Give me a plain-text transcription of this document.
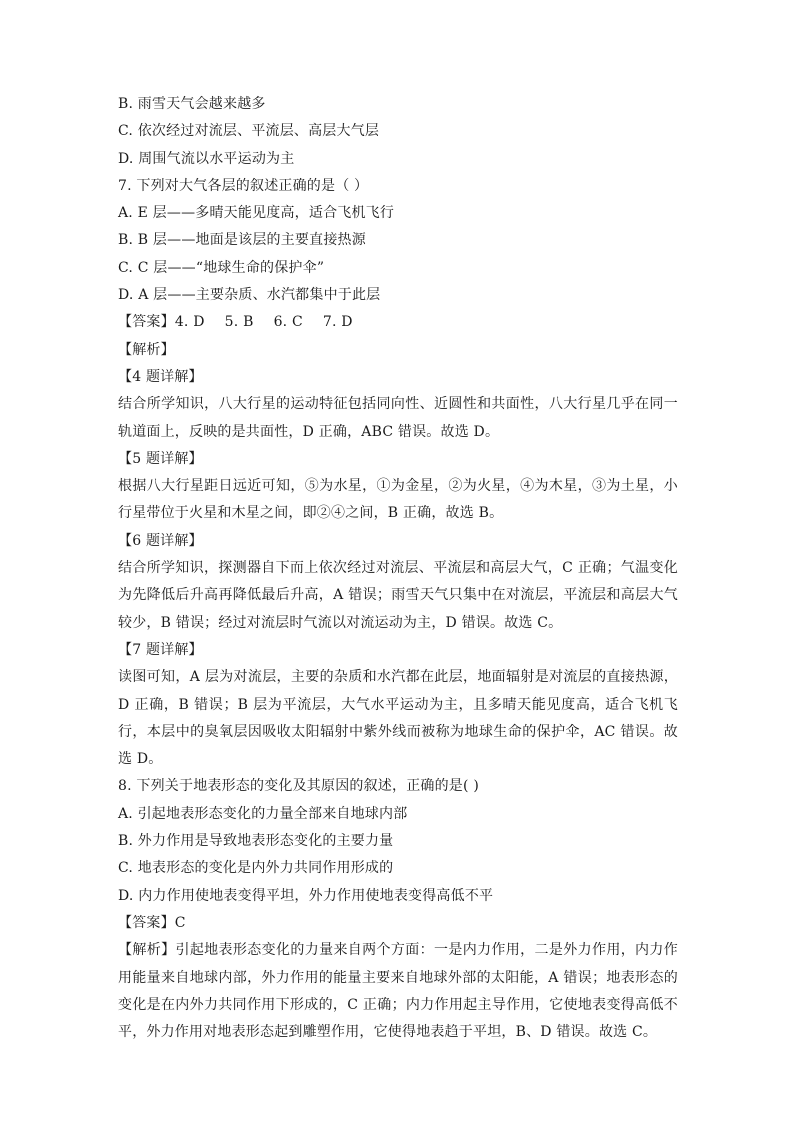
B. 雨雪天气会越来越多
C. 依次经过对流层、平流层、高层大气层
D. 周围气流以水平运动为主
7. 下列对大气各层的叙述正确的是（ ）
A. E 层——多晴天能见度高，适合飞机飞行
B. B 层——地面是该层的主要直接热源
C. C 层——“地球生命的保护伞”
D. A 层——主要杂质、水汽都集中于此层
【答案】4. D 5. B 6. C 7. D
【解析】
【4 题详解】
结合所学知识，八大行星的运动特征包括同向性、近圆性和共面性，八大行星几乎在同一轨道面上，反映的是共面性，D 正确，ABC 错误。故选 D。
【5 题详解】
根据八大行星距日远近可知，⑤为水星，①为金星，②为火星，④为木星，③为土星，小行星带位于火星和木星之间，即②④之间，B 正确，故选 B。
【6 题详解】
结合所学知识，探测器自下而上依次经过对流层、平流层和高层大气，C 正确；气温变化为先降低后升高再降低最后升高，A 错误；雨雪天气只集中在对流层，平流层和高层大气较少，B 错误；经过对流层时气流以对流运动为主，D 错误。故选 C。
【7 题详解】
读图可知，A 层为对流层，主要的杂质和水汽都在此层，地面辐射是对流层的直接热源，D 正确，B 错误；B 层为平流层，大气水平运动为主，且多晴天能见度高，适合飞机飞行，本层中的臭氧层因吸收太阳辐射中紫外线而被称为地球生命的保护伞，AC 错误。故选 D。
8. 下列关于地表形态的变化及其原因的叙述，正确的是( )
A. 引起地表形态变化的力量全部来自地球内部
B. 外力作用是导致地表形态变化的主要力量
C. 地表形态的变化是内外力共同作用形成的
D. 内力作用使地表变得平坦，外力作用使地表变得高低不平
【答案】C
【解析】引起地表形态变化的力量来自两个方面：一是内力作用，二是外力作用，内力作用能量来自地球内部，外力作用的能量主要来自地球外部的太阳能，A 错误；地表形态的变化是在内外力共同作用下形成的，C 正确；内力作用起主导作用，它使地表变得高低不平，外力作用对地表形态起到雕塑作用，它使得地表趋于平坦，B、D 错误。故选 C。
